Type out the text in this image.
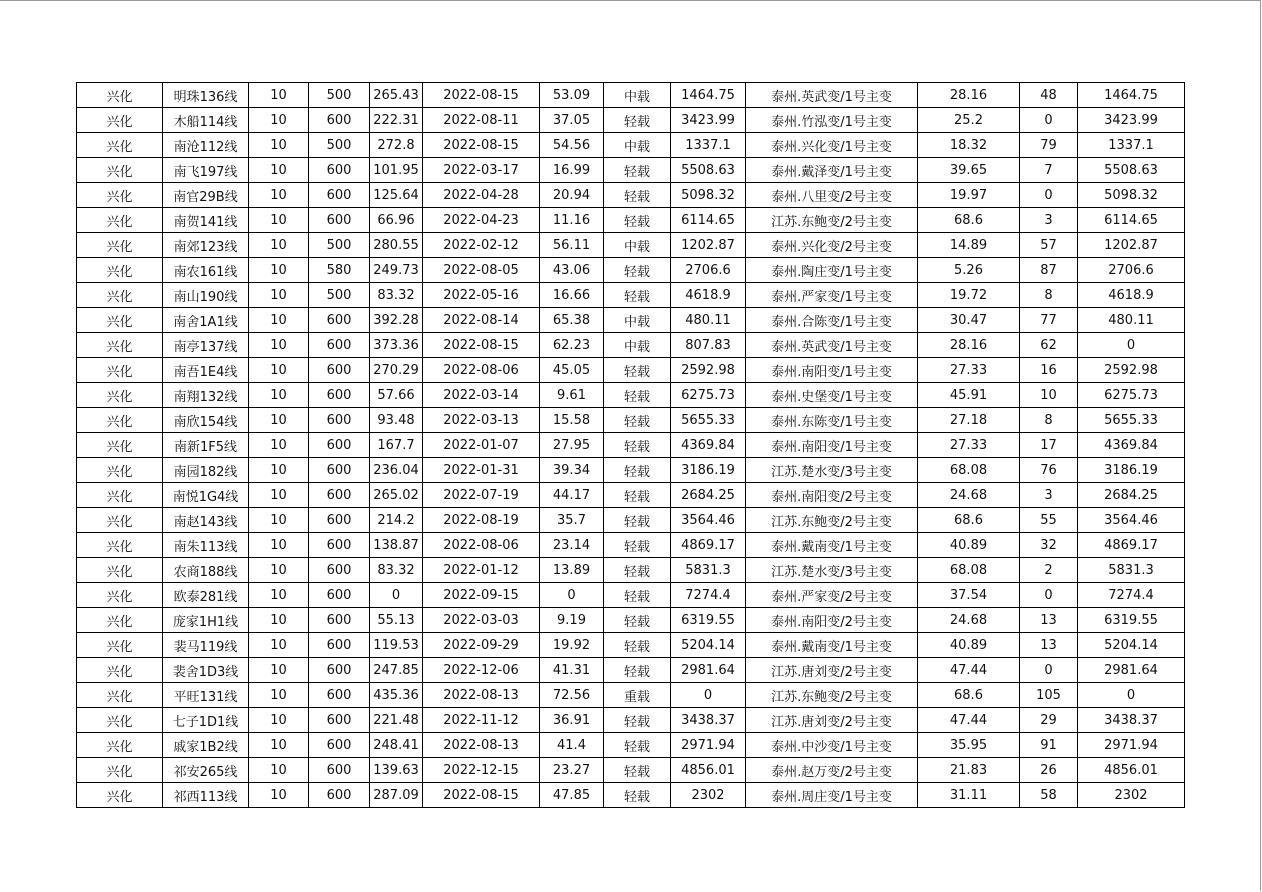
兴化	明珠136线	10	500	265.43	2022-08-15	53.09	中载	1464.75	泰州.英武变/1号主变	28.16	48	1464.75
兴化	木船114线	10	600	222.31	2022-08-11	37.05	轻载	3423.99	泰州.竹泓变/1号主变	25.2	0	3423.99
兴化	南沧112线	10	500	272.8	2022-08-15	54.56	中载	1337.1	泰州.兴化变/1号主变	18.32	79	1337.1
兴化	南飞197线	10	600	101.95	2022-03-17	16.99	轻载	5508.63	泰州.戴泽变/1号主变	39.65	7	5508.63
兴化	南官29B线	10	600	125.64	2022-04-28	20.94	轻载	5098.32	泰州.八里变/2号主变	19.97	0	5098.32
兴化	南贺141线	10	600	66.96	2022-04-23	11.16	轻载	6114.65	江苏.东鲍变/2号主变	68.6	3	6114.65
兴化	南郊123线	10	500	280.55	2022-02-12	56.11	中载	1202.87	泰州.兴化变/2号主变	14.89	57	1202.87
兴化	南农161线	10	580	249.73	2022-08-05	43.06	轻载	2706.6	泰州.陶庄变/1号主变	5.26	87	2706.6
兴化	南山190线	10	500	83.32	2022-05-16	16.66	轻载	4618.9	泰州.严家变/1号主变	19.72	8	4618.9
兴化	南舍1A1线	10	600	392.28	2022-08-14	65.38	中载	480.11	泰州.合陈变/1号主变	30.47	77	480.11
兴化	南亭137线	10	600	373.36	2022-08-15	62.23	中载	807.83	泰州.英武变/1号主变	28.16	62	0
兴化	南吾1E4线	10	600	270.29	2022-08-06	45.05	轻载	2592.98	泰州.南阳变/1号主变	27.33	16	2592.98
兴化	南翔132线	10	600	57.66	2022-03-14	9.61	轻载	6275.73	泰州.史堡变/1号主变	45.91	10	6275.73
兴化	南欣154线	10	600	93.48	2022-03-13	15.58	轻载	5655.33	泰州.东陈变/1号主变	27.18	8	5655.33
兴化	南新1F5线	10	600	167.7	2022-01-07	27.95	轻载	4369.84	泰州.南阳变/1号主变	27.33	17	4369.84
兴化	南园182线	10	600	236.04	2022-01-31	39.34	轻载	3186.19	江苏.楚水变/3号主变	68.08	76	3186.19
兴化	南悦1G4线	10	600	265.02	2022-07-19	44.17	轻载	2684.25	泰州.南阳变/2号主变	24.68	3	2684.25
兴化	南赵143线	10	600	214.2	2022-08-19	35.7	轻载	3564.46	江苏.东鲍变/2号主变	68.6	55	3564.46
兴化	南朱113线	10	600	138.87	2022-08-06	23.14	轻载	4869.17	泰州.戴南变/1号主变	40.89	32	4869.17
兴化	农商188线	10	600	83.32	2022-01-12	13.89	轻载	5831.3	江苏.楚水变/3号主变	68.08	2	5831.3
兴化	欧泰281线	10	600	0	2022-09-15	0	轻载	7274.4	泰州.严家变/2号主变	37.54	0	7274.4
兴化	庞家1H1线	10	600	55.13	2022-03-03	9.19	轻载	6319.55	泰州.南阳变/2号主变	24.68	13	6319.55
兴化	裴马119线	10	600	119.53	2022-09-29	19.92	轻载	5204.14	泰州.戴南变/1号主变	40.89	13	5204.14
兴化	裴舍1D3线	10	600	247.85	2022-12-06	41.31	轻载	2981.64	江苏.唐刘变/2号主变	47.44	0	2981.64
兴化	平旺131线	10	600	435.36	2022-08-13	72.56	重载	0	江苏.东鲍变/2号主变	68.6	105	0
兴化	七子1D1线	10	600	221.48	2022-11-12	36.91	轻载	3438.37	江苏.唐刘变/2号主变	47.44	29	3438.37
兴化	戚家1B2线	10	600	248.41	2022-08-13	41.4	轻载	2971.94	泰州.中沙变/1号主变	35.95	91	2971.94
兴化	祁安265线	10	600	139.63	2022-12-15	23.27	轻载	4856.01	泰州.赵万变/2号主变	21.83	26	4856.01
兴化	祁西113线	10	600	287.09	2022-08-15	47.85	轻载	2302	泰州.周庄变/1号主变	31.11	58	2302
